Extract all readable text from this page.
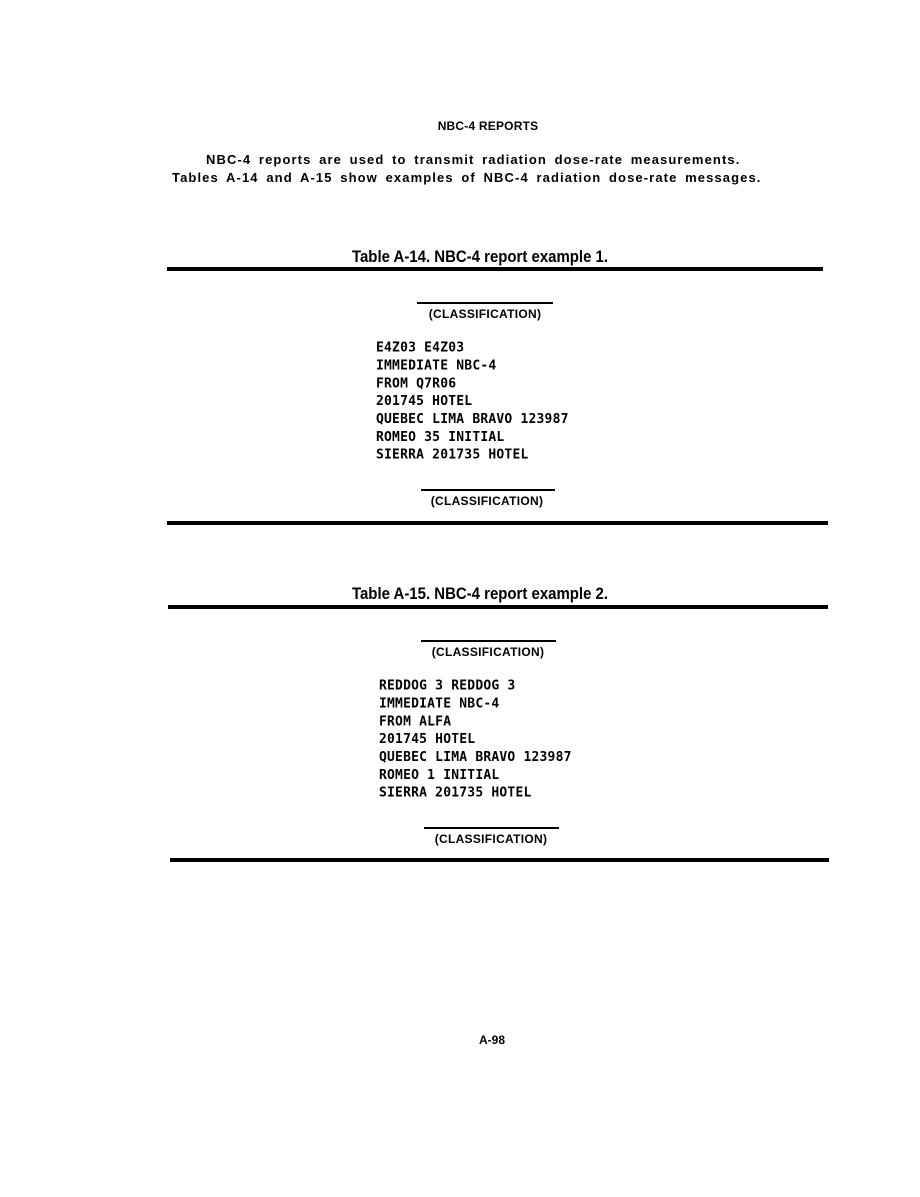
NBC-4 REPORTS
NBC-4 reports are used to transmit radiation dose-rate measurements.
Tables A-14 and A-15 show examples of NBC-4 radiation dose-rate messages.
Table A-14. NBC-4 report example 1.
(CLASSIFICATION)
E4Z03 E4Z03
IMMEDIATE NBC-4
FROM Q7R06
201745 HOTEL
QUEBEC LIMA BRAVO 123987
ROMEO 35 INITIAL
SIERRA 201735 HOTEL
(CLASSIFICATION)
Table A-15. NBC-4 report example 2.
(CLASSIFICATION)
REDDOG 3 REDDOG 3
IMMEDIATE NBC-4
FROM ALFA
201745 HOTEL
QUEBEC LIMA BRAVO 123987
ROMEO 1 INITIAL
SIERRA 201735 HOTEL
(CLASSIFICATION)
A-98
